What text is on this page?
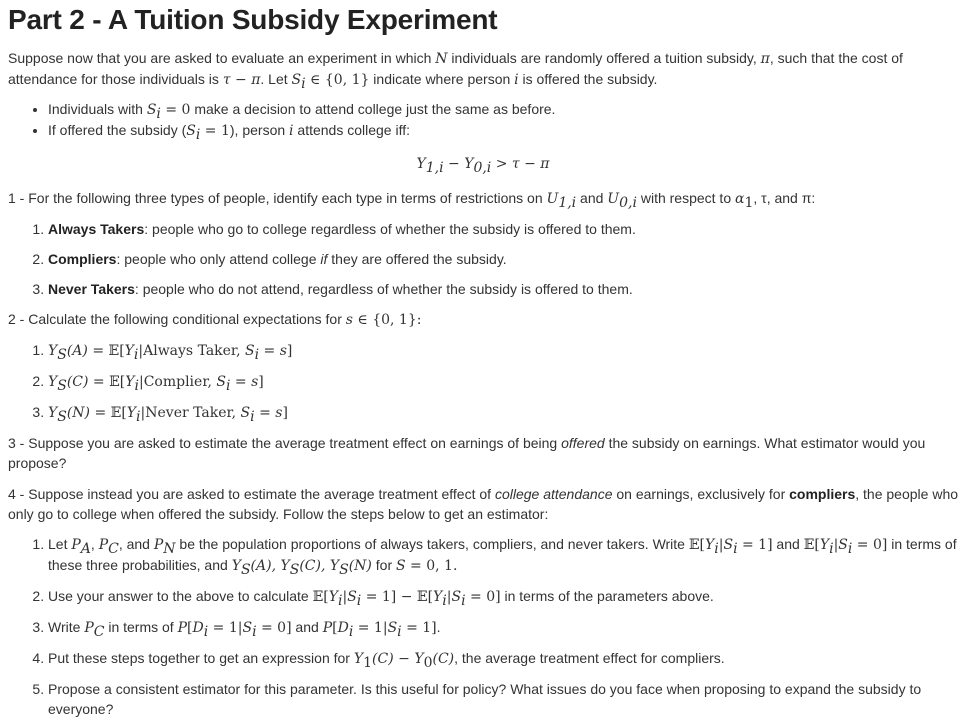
Part 2 - A Tuition Subsidy Experiment

Suppose now that you are asked to evaluate an experiment in which N individuals are randomly offered a tuition subsidy, π, such that the cost of attendance for those individuals is τ − π. Let $S_i$ ∈ {0, 1} indicate where person i is offered the subsidy.

• Individuals with $S_i = 0$ make a decision to attend college just the same as before.
• If offered the subsidy $(S_i = 1)$, person i attends college iff:
$Y_{1,i} - Y_{0,i} > \tau - \pi$

1 - For the following three types of people, identify each type in terms of restrictions on $U_{1,i}$ and $U_{0,i}$ with respect to $\alpha_1$, τ, and π:

1. Always Takers: people who go to college regardless of whether the subsidy is offered to them.
2. Compliers: people who only attend college if they are offered the subsidy.
3. Never Takers: people who do not attend, regardless of whether the subsidy is offered to them.

2 - Calculate the following conditional expectations for s ∈ {0, 1}:

1. $Y_S(A)$ = $𝔼[Y_i|Always$ Taker, $S_i = s$]
2. $Y_S(C)$ = $𝔼[Y_i|Complier$, $S_i = s$]
3. $Y_S(N)$ = $𝔼[Y_i|Never$ Taker, $S_i = s$]

3 - Suppose you are asked to estimate the average treatment effect on earnings of being offered the subsidy on earnings. What estimator would you propose?

4 - Suppose instead you are asked to estimate the average treatment effect of college attendance on earnings, exclusively for compliers, the people who only go to college when offered the subsidy. Follow the steps below to get an estimator:

1. Let $P_A$, $P_C$, and $P_N$ be the population proportions of always takers, compliers, and never takers. Write $𝔼[Y_i|S_i = 1]$ and $𝔼[Y_i|S_i = 0]$ in terms of these three probabilities, and $Y_S(A)$, $Y_S(C)$, $Y_S(N)$ for S = 0, 1.
2. Use your answer to the above to calculate $𝔼[Y_i|S_i = 1]$ − $𝔼[Y_i|S_i = 0]$ in terms of the parameters above.
3. Write $P_C$ in terms of $P[D_i = 1|S_i = 0]$ and $P[D_i = 1|S_i = 1]$.
4. Put these steps together to get an expression for $Y_1(C) - Y_0(C)$, the average treatment effect for compliers.
5. Propose a consistent estimator for this parameter. Is this useful for policy? What issues do you face when proposing to expand the subsidy to everyone?
